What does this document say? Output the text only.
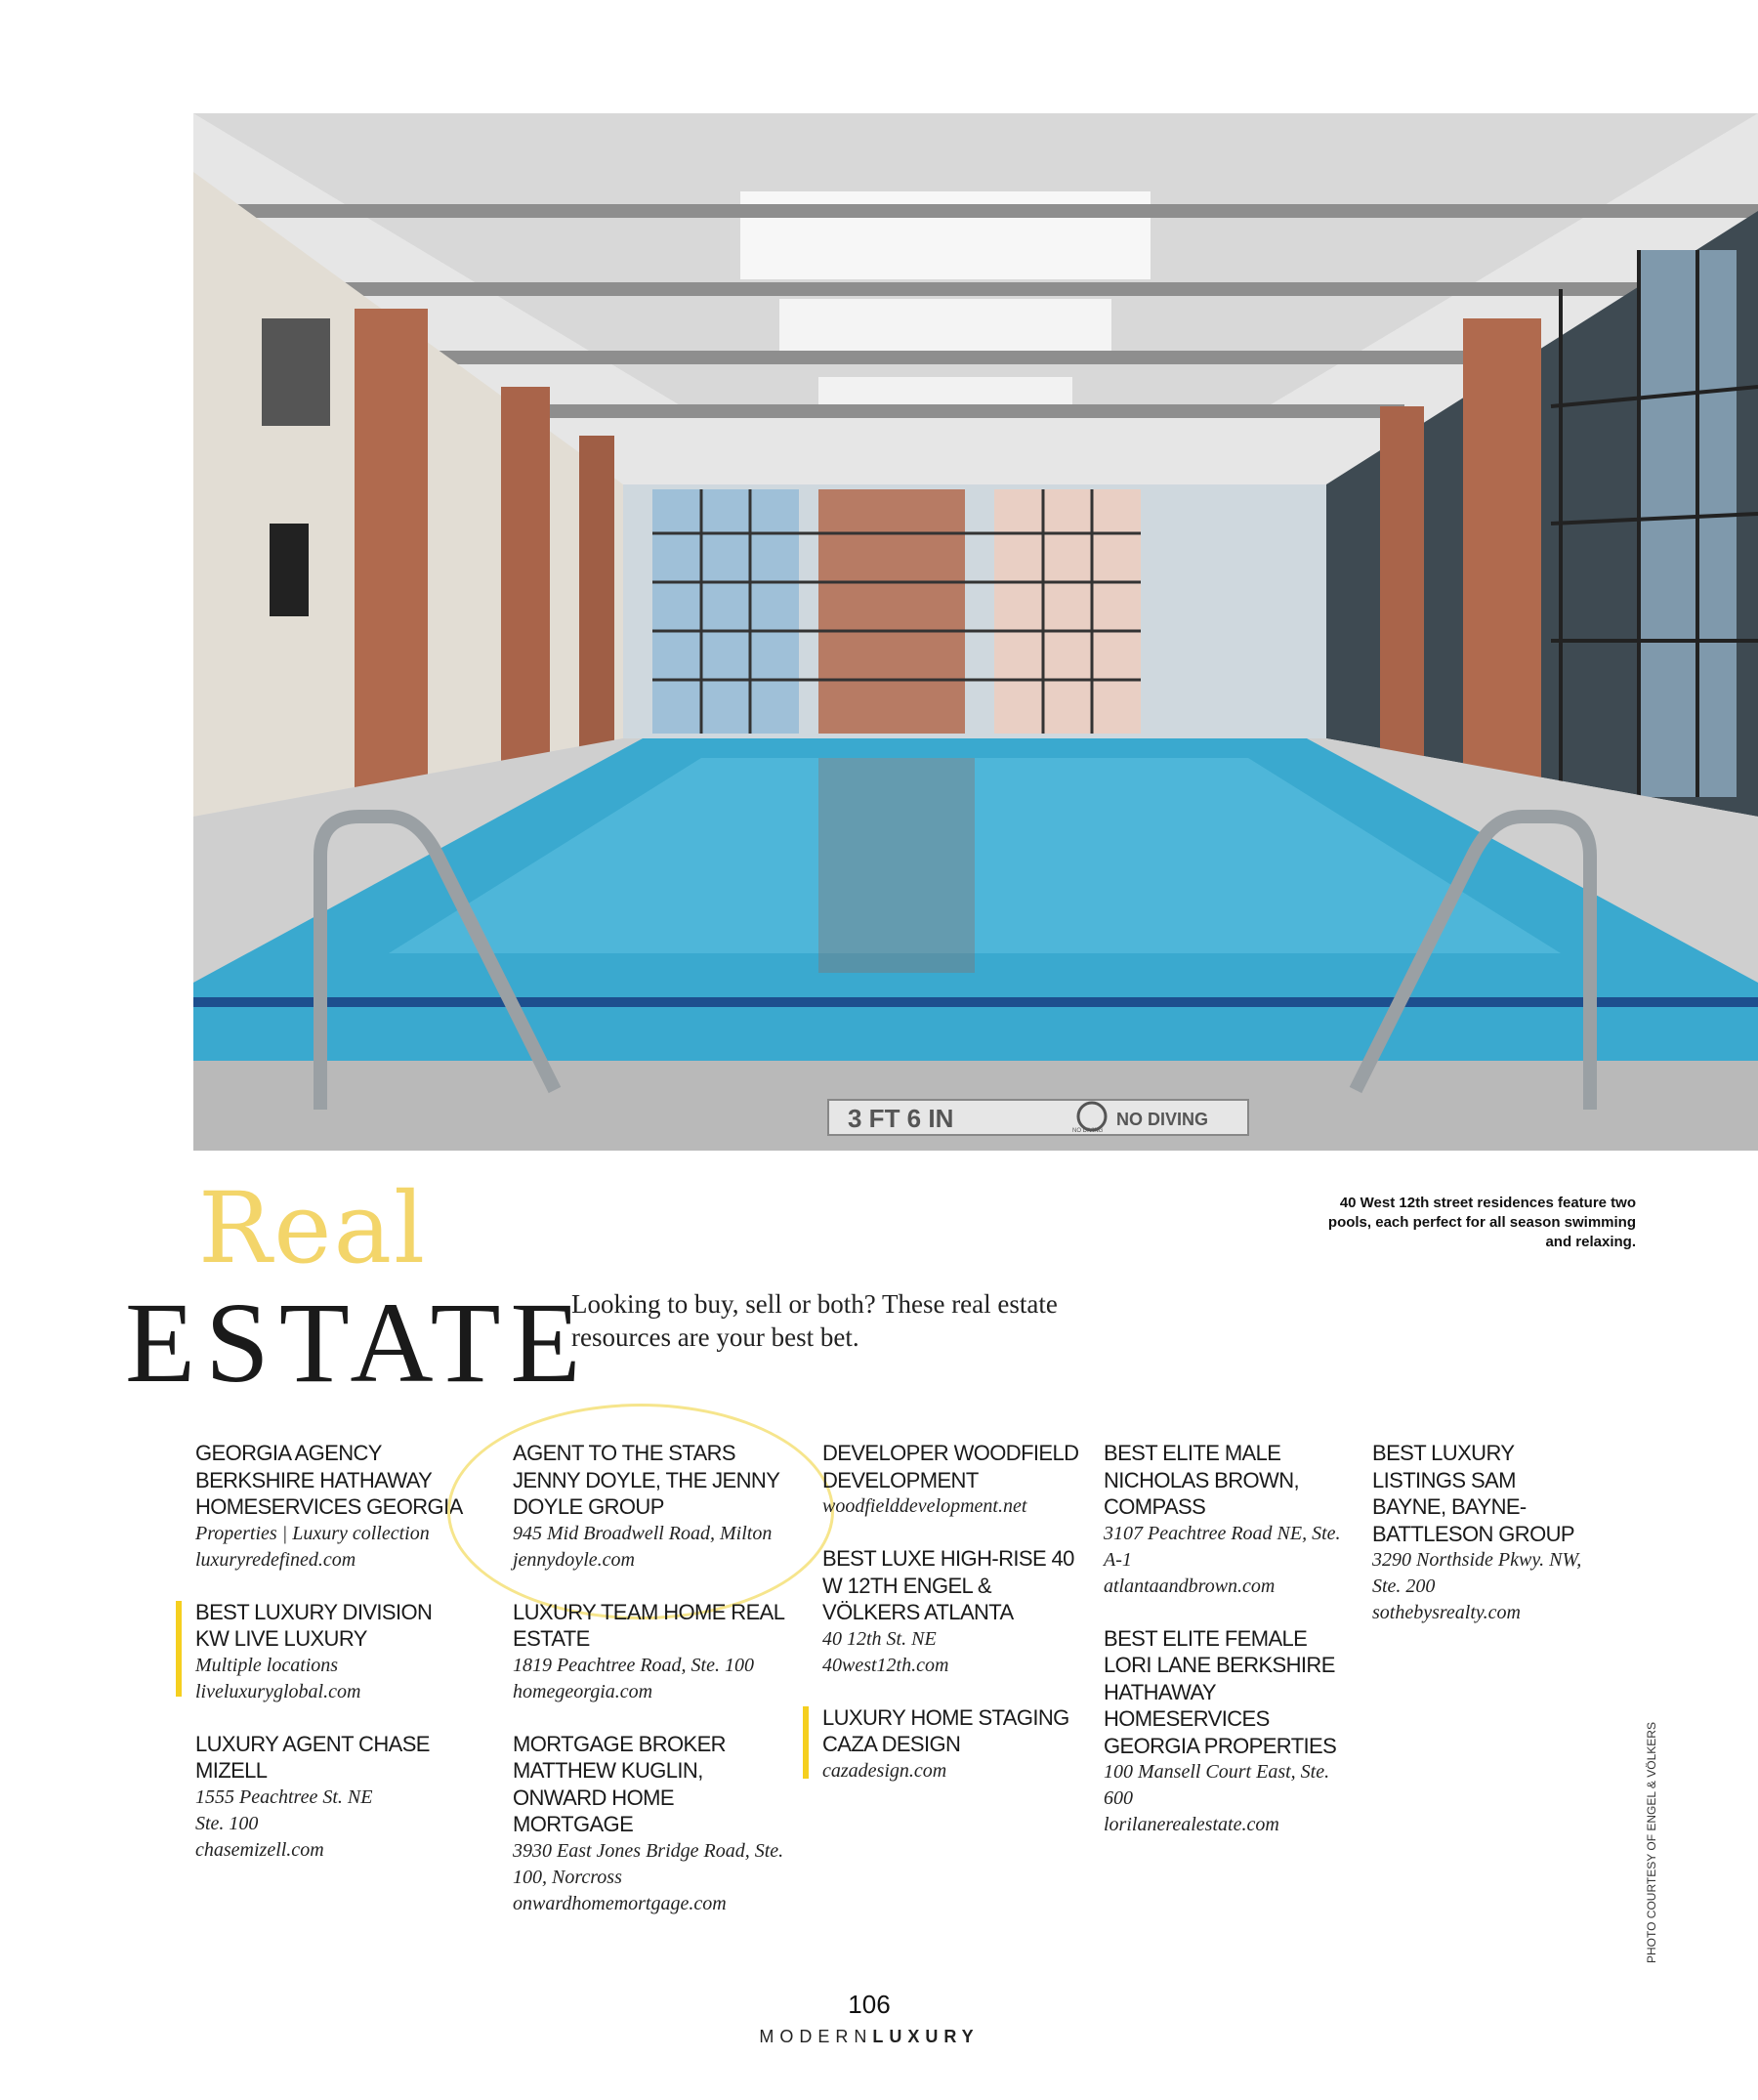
3 FT 6 IN	NO DIVING
NO DIVING
40 West 12th street residences feature two pools, each perfect for all season swimming and relaxing.
Real
ESTATE
Looking to buy, sell or both? These real estate resources are your best bet.
GEORGIA AGENCY BERKSHIRE HATHAWAY HOMESERVICES GEORGIA
Properties | Luxury collection
luxuryredefined.com
BEST LUXURY DIVISION KW LIVE LUXURY
Multiple locations
liveluxuryglobal.com
LUXURY AGENT CHASE MIZELL
1555 Peachtree St. NE
Ste. 100
chasemizell.com
AGENT TO THE STARS JENNY DOYLE, THE JENNY DOYLE GROUP
945 Mid Broadwell Road, Milton
jennydoyle.com
LUXURY TEAM HOME REAL ESTATE
1819 Peachtree Road, Ste. 100
homegeorgia.com
MORTGAGE BROKER MATTHEW KUGLIN, ONWARD HOME MORTGAGE
3930 East Jones Bridge Road, Ste. 100, Norcross
onwardhomemortgage.com
DEVELOPER WOODFIELD DEVELOPMENT
woodfielddevelopment.net
BEST LUXE HIGH-RISE 40 W 12TH ENGEL & VÖLKERS ATLANTA
40 12th St. NE
40west12th.com
LUXURY HOME STAGING CAZA DESIGN
cazadesign.com
BEST ELITE MALE NICHOLAS BROWN, COMPASS
3107 Peachtree Road NE, Ste. A-1
atlantaandbrown.com
BEST ELITE FEMALE LORI LANE BERKSHIRE HATHAWAY HOMESERVICES GEORGIA PROPERTIES
100 Mansell Court East, Ste. 600
lorilanerealestate.com
BEST LUXURY LISTINGS SAM BAYNE, BAYNE-BATTLESON GROUP
3290 Northside Pkwy. NW, Ste. 200
sothebysrealty.com
106
MODERNLUXURY
PHOTO COURTESY OF ENGEL & VÖLKERS
